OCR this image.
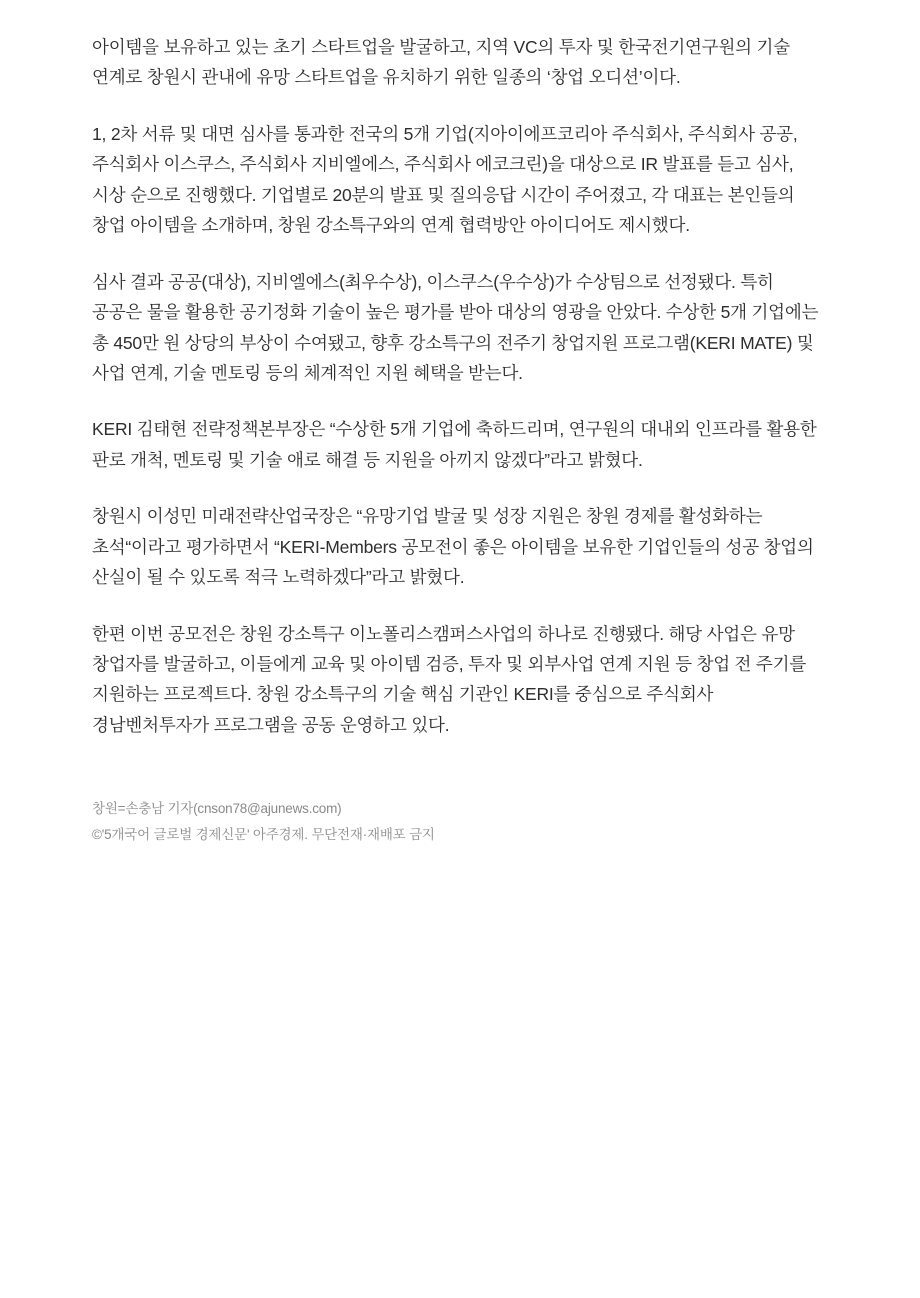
아이템을 보유하고 있는 초기 스타트업을 발굴하고, 지역 VC의 투자 및 한국전기연구원의 기술 연계로 창원시 관내에 유망 스타트업을 유치하기 위한 일종의 ‘창업 오디션’이다.

1, 2차 서류 및 대면 심사를 통과한 전국의 5개 기업(지아이에프코리아 주식회사, 주식회사 공공, 주식회사 이스쿠스, 주식회사 지비엘에스, 주식회사 에코크린)을 대상으로 IR 발표를 듣고 심사, 시상 순으로 진행했다. 기업별로 20분의 발표 및 질의응답 시간이 주어졌고, 각 대표는 본인들의 창업 아이템을 소개하며, 창원 강소특구와의 연계 협력방안 아이디어도 제시했다.

심사 결과 공공(대상), 지비엘에스(최우수상), 이스쿠스(우수상)가 수상팀으로 선정됐다. 특히 공공은 물을 활용한 공기정화 기술이 높은 평가를 받아 대상의 영광을 안았다. 수상한 5개 기업에는 총 450만 원 상당의 부상이 수여됐고, 향후 강소특구의 전주기 창업지원 프로그램(KERI MATE) 및 사업 연계, 기술 멘토링 등의 체계적인 지원 혜택을 받는다.

KERI 김태현 전략정책본부장은 “수상한 5개 기업에 축하드리며, 연구원의 대내외 인프라를 활용한 판로 개척, 멘토링 및 기술 애로 해결 등 지원을 아끼지 않겠다”라고 밝혔다.

창원시 이성민 미래전략산업국장은 “유망기업 발굴 및 성장 지원은 창원 경제를 활성화하는 초석“이라고 평가하면서 “KERI-Members 공모전이 좋은 아이템을 보유한 기업인들의 성공 창업의 산실이 될 수 있도록 적극 노력하겠다”라고 밝혔다.

한편 이번 공모전은 창원 강소특구 이노폴리스캠퍼스사업의 하나로 진행됐다. 해당 사업은 유망 창업자를 발굴하고, 이들에게 교육 및 아이템 검증, 투자 및 외부사업 연계 지원 등 창업 전 주기를 지원하는 프로젝트다. 창원 강소특구의 기술 핵심 기관인 KERI를 중심으로 주식회사 경남벤처투자가 프로그램을 공동 운영하고 있다.

창원=손충남 기자(cnson78@ajunews.com)

©'5개국어 글로벌 경제신문' 아주경제. 무단전재·재배포 금지
